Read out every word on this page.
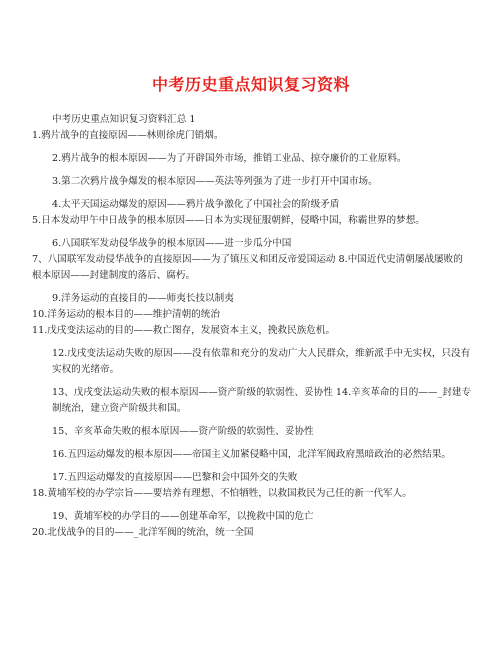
中考历史重点知识复习资料
中考历史重点知识复习资料汇总 1
1.鸦片战争的直接原因——林则徐虎门销烟。
2.鸦片战争的根本原因——为了开辟国外市场，推销工业品、掠夺廉价的工业原料。
3.第二次鸦片战争爆发的根本原因——英法等列强为了进一步打开中国市场。
4.太平天国运动爆发的原因——鸦片战争激化了中国社会的阶级矛盾
5.日本发动甲午中日战争的根本原因——日本为实现征服朝鲜，侵略中国，称霸世界的梦想。
6.八国联军发动侵华战争的根本原因——进一步瓜分中国
7、八国联军发动侵华战争的直接原因——为了镇压义和团反帝爱国运动 8.中国近代史清朝屡战屡败的根本原因——封建制度的落后、腐朽。
9.洋务运动的直接目的——师夷长技以制夷
10.洋务运动的根本目的——维护清朝的统治
11.戊戌变法运动的目的——救亡图存，发展资本主义，挽救民族危机。
12.戊戌变法运动失败的原因——没有依靠和充分的发动广大人民群众，维新派手中无实权，只没有实权的光绪帝。
13、戊戌变法运动失败的根本原因——资产阶级的软弱性、妥协性 14.辛亥革命的目的——_封建专制统治，建立资产阶级共和国。
15、辛亥革命失败的根本原因——资产阶级的软弱性、妥协性
16.五四运动爆发的根本原因——帝国主义加紧侵略中国，北洋军阀政府黑暗政治的必然结果。
17.五四运动爆发的直接原因——巴黎和会中国外交的失败
18.黄埔军校的办学宗旨——要培养有理想、不怕牺牲，以救国救民为己任的新一代军人。
19、黄埔军校的办学目的——创建革命军，以挽救中国的危亡
20.北伐战争的目的——_北洋军阀的统治，统一全国
